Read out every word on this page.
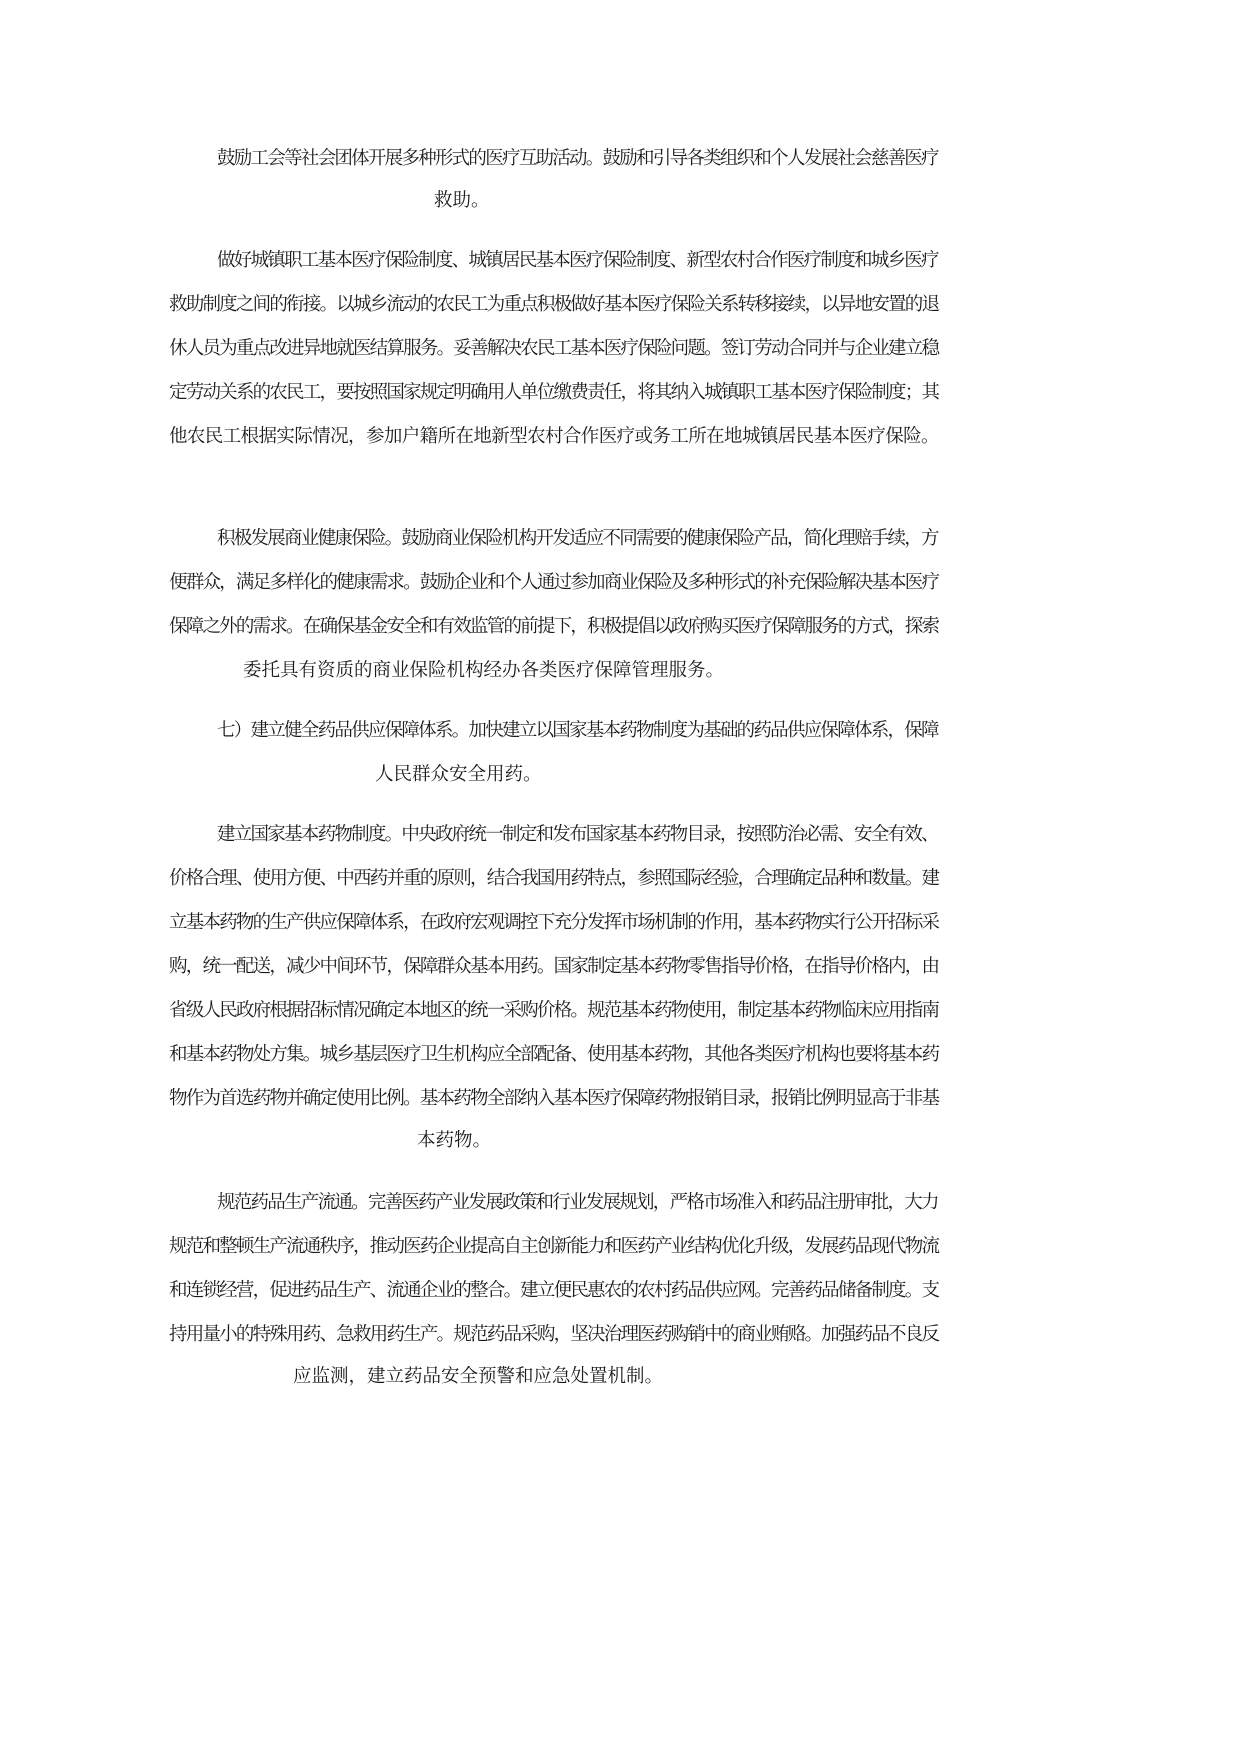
鼓励工会等社会团体开展多种形式的医疗互助活动。鼓励和引导各类组织和个人发展社会慈善医疗
救助。
做好城镇职工基本医疗保险制度、城镇居民基本医疗保险制度、新型农村合作医疗制度和城乡医疗
救助制度之间的衔接。以城乡流动的农民工为重点积极做好基本医疗保险关系转移接续，以异地安置的退
休人员为重点改进异地就医结算服务。妥善解决农民工基本医疗保险问题。签订劳动合同并与企业建立稳
定劳动关系的农民工，要按照国家规定明确用人单位缴费责任，将其纳入城镇职工基本医疗保险制度；其
他农民工根据实际情况，参加户籍所在地新型农村合作医疗或务工所在地城镇居民基本医疗保险。
积极发展商业健康保险。鼓励商业保险机构开发适应不同需要的健康保险产品，简化理赔手续，方
便群众，满足多样化的健康需求。鼓励企业和个人通过参加商业保险及多种形式的补充保险解决基本医疗
保障之外的需求。在确保基金安全和有效监管的前提下，积极提倡以政府购买医疗保障服务的方式，探索
委托具有资质的商业保险机构经办各类医疗保障管理服务。
七）建立健全药品供应保障体系。加快建立以国家基本药物制度为基础的药品供应保障体系，保障
人民群众安全用药。
建立国家基本药物制度。中央政府统一制定和发布国家基本药物目录，按照防治必需、安全有效、
价格合理、使用方便、中西药并重的原则，结合我国用药特点，参照国际经验，合理确定品种和数量。建
立基本药物的生产供应保障体系，在政府宏观调控下充分发挥市场机制的作用，基本药物实行公开招标采
购，统一配送，减少中间环节，保障群众基本用药。国家制定基本药物零售指导价格，在指导价格内，由
省级人民政府根据招标情况确定本地区的统一采购价格。规范基本药物使用，制定基本药物临床应用指南
和基本药物处方集。城乡基层医疗卫生机构应全部配备、使用基本药物，其他各类医疗机构也要将基本药
物作为首选药物并确定使用比例。基本药物全部纳入基本医疗保障药物报销目录，报销比例明显高于非基
本药物。
规范药品生产流通。完善医药产业发展政策和行业发展规划，严格市场准入和药品注册审批，大力
规范和整顿生产流通秩序，推动医药企业提高自主创新能力和医药产业结构优化升级，发展药品现代物流
和连锁经营，促进药品生产、流通企业的整合。建立便民惠农的农村药品供应网。完善药品储备制度。支
持用量小的特殊用药、急救用药生产。规范药品采购，坚决治理医药购销中的商业贿赂。加强药品不良反
应监测，建立药品安全预警和应急处置机制。
